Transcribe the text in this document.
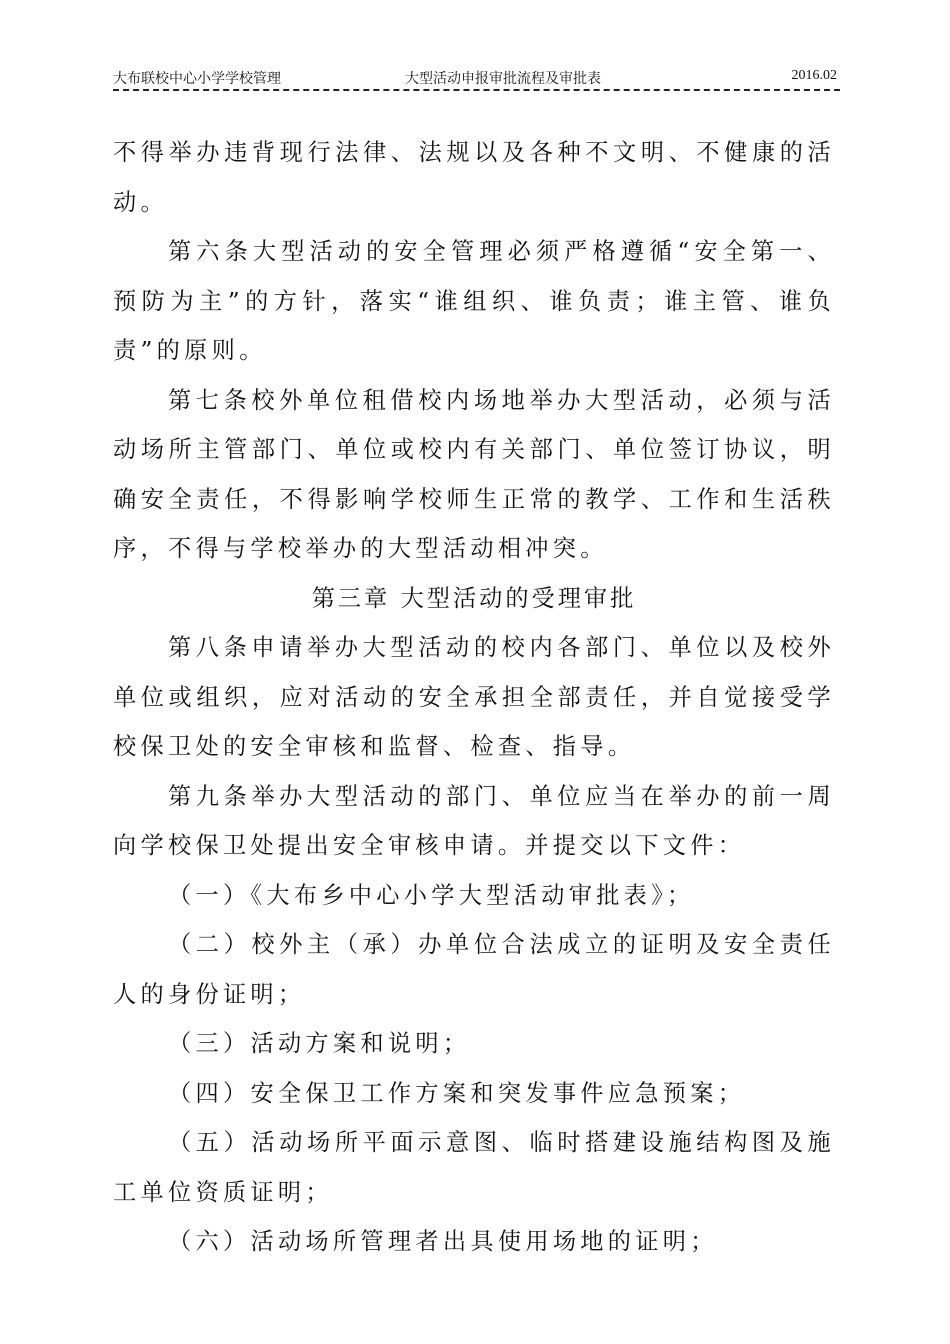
大布联校中心小学学校管理	大型活动申报审批流程及审批表	2016.02

不得举办违背现行法律、法规以及各种不文明、不健康的活动。

第六条大型活动的安全管理必须严格遵循“安全第一、预防为主”的方针，落实“谁组织、谁负责；谁主管、谁负责”的原则。

第七条校外单位租借校内场地举办大型活动，必须与活动场所主管部门、单位或校内有关部门、单位签订协议，明确安全责任，不得影响学校师生正常的教学、工作和生活秩序，不得与学校举办的大型活动相冲突。

第三章 大型活动的受理审批

第八条申请举办大型活动的校内各部门、单位以及校外单位或组织，应对活动的安全承担全部责任，并自觉接受学校保卫处的安全审核和监督、检查、指导。

第九条举办大型活动的部门、单位应当在举办的前一周向学校保卫处提出安全审核申请。并提交以下文件：

（一）《大布乡中心小学大型活动审批表》；

（二）校外主（承）办单位合法成立的证明及安全责任人的身份证明；

（三）活动方案和说明；

（四）安全保卫工作方案和突发事件应急预案；

（五）活动场所平面示意图、临时搭建设施结构图及施工单位资质证明；

（六）活动场所管理者出具使用场地的证明；
